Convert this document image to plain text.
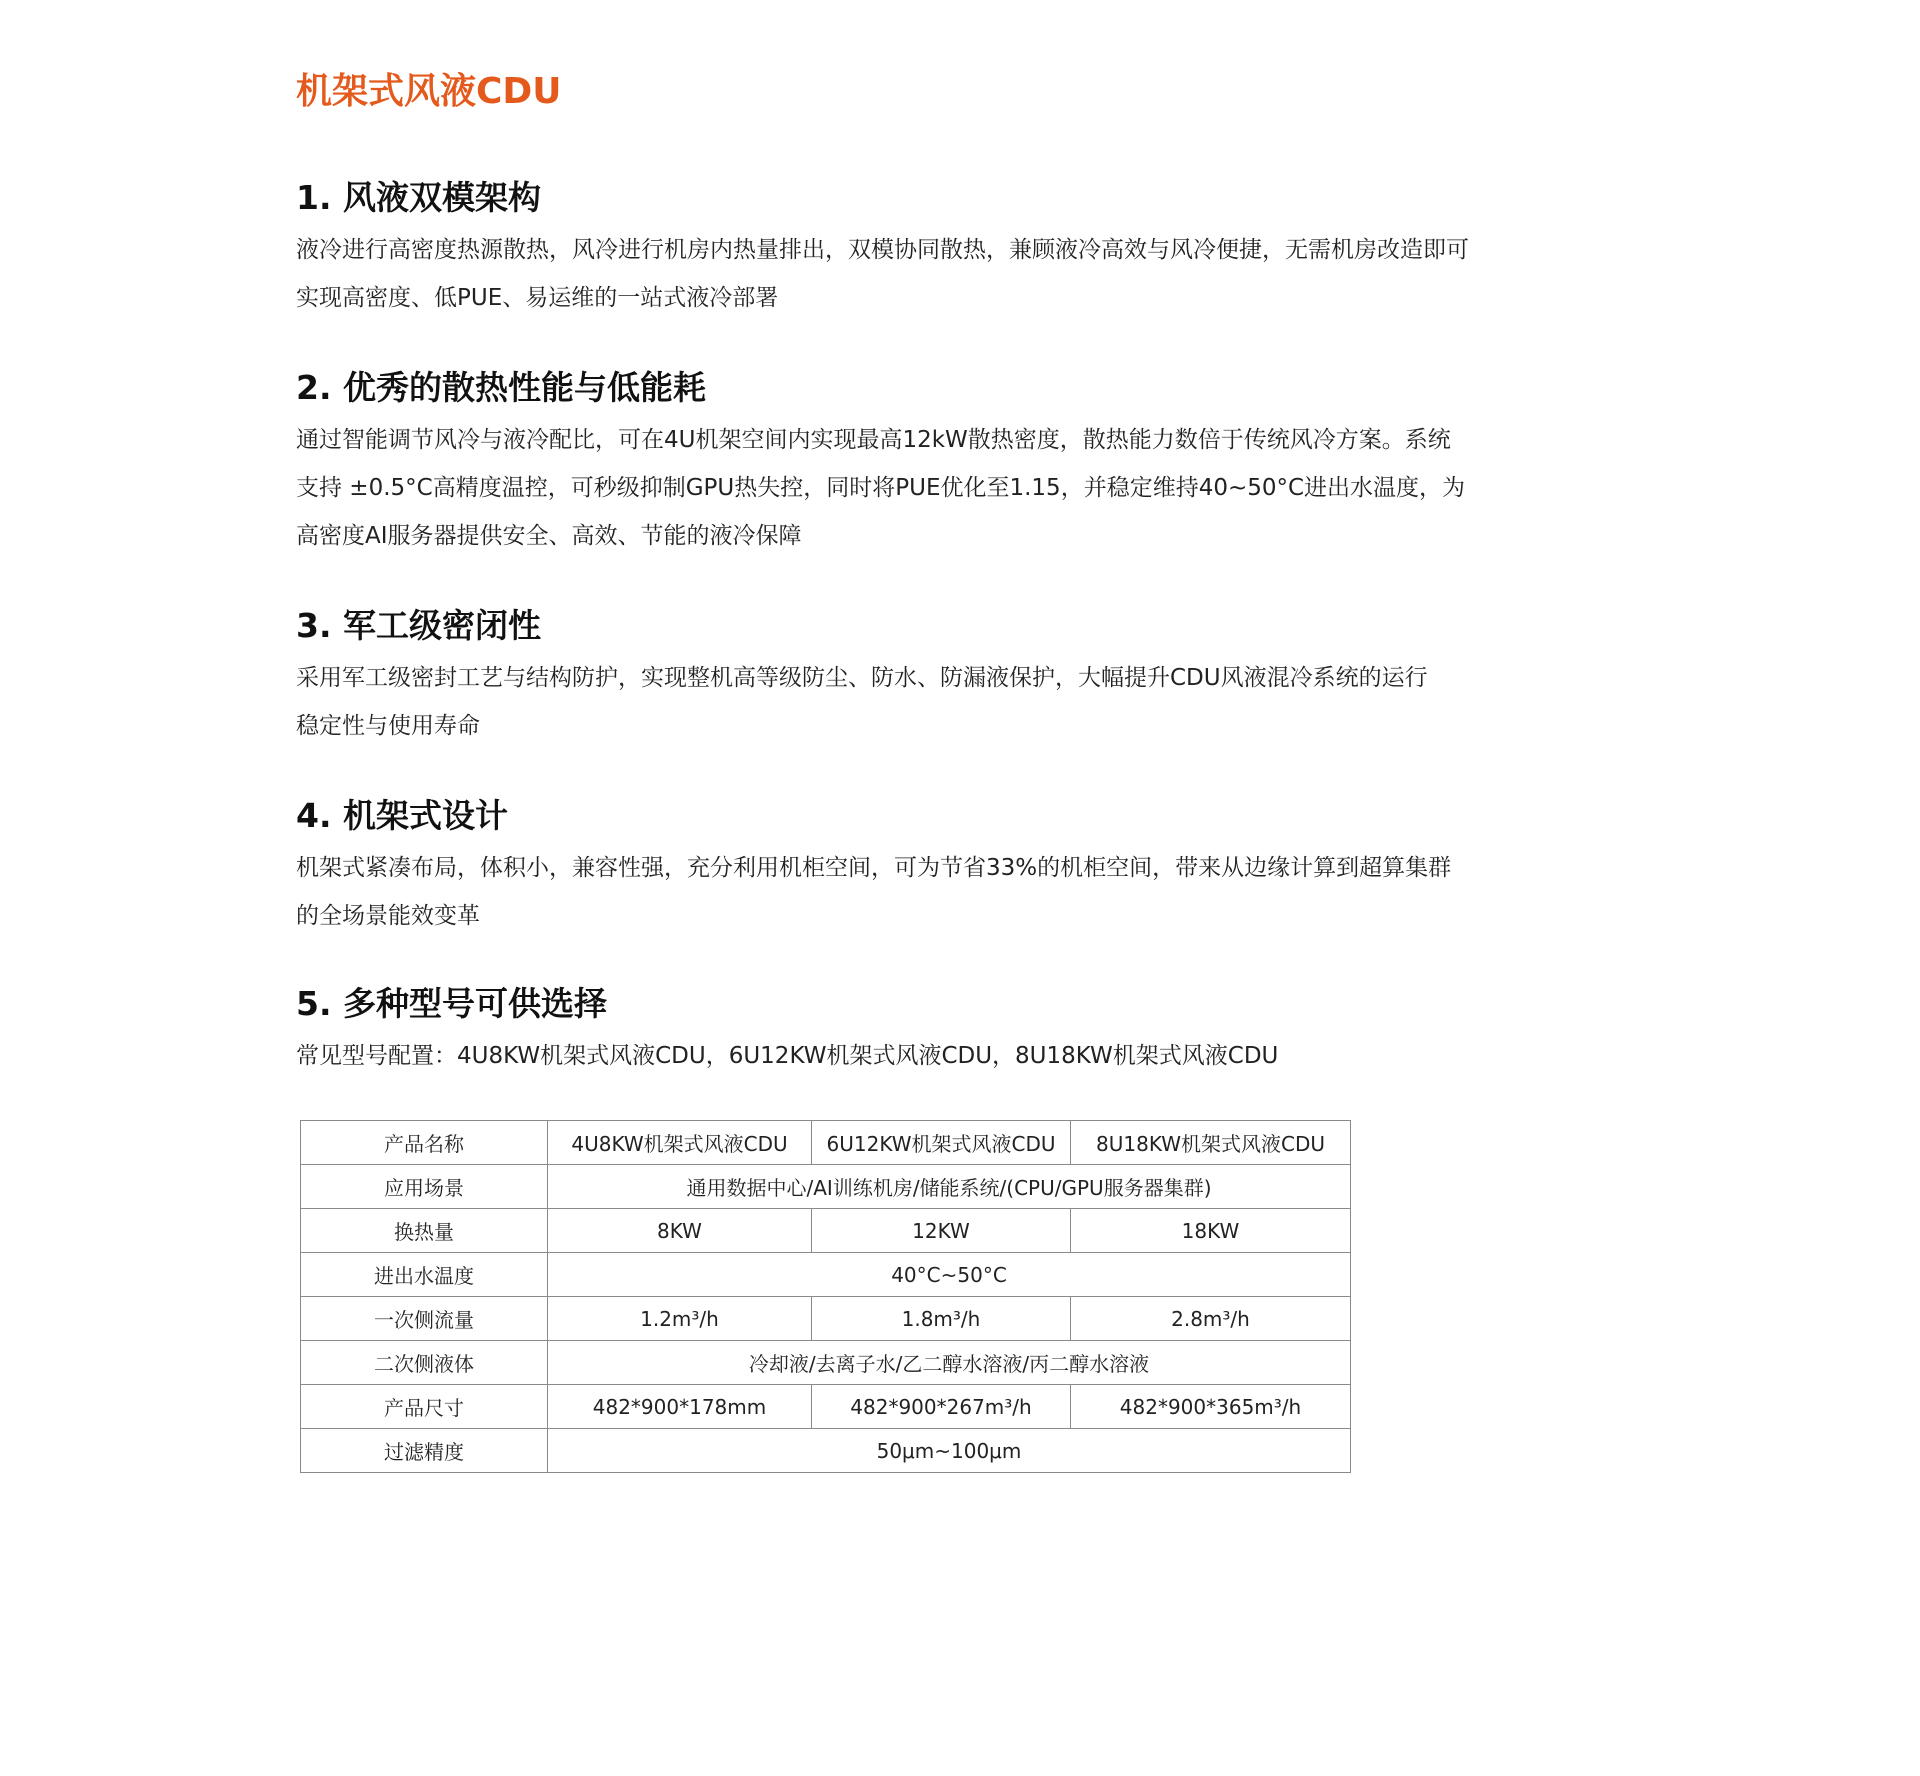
机架式风液CDU
1. 风液双模架构
液冷进行高密度热源散热，风冷进行机房内热量排出，双模协同散热，兼顾液冷高效与风冷便捷，无需机房改造即可
实现高密度、低PUE、易运维的一站式液冷部署
2. 优秀的散热性能与低能耗
通过智能调节风冷与液冷配比，可在4U机架空间内实现最高12kW散热密度，散热能力数倍于传统风冷方案。系统
支持 ±0.5°C高精度温控，可秒级抑制GPU热失控，同时将PUE优化至1.15，并稳定维持40~50°C进出水温度，为
高密度AI服务器提供安全、高效、节能的液冷保障
3. 军工级密闭性
采用军工级密封工艺与结构防护，实现整机高等级防尘、防水、防漏液保护，大幅提升CDU风液混冷系统的运行
稳定性与使用寿命
4. 机架式设计
机架式紧凑布局，体积小，兼容性强，充分利用机柜空间，可为节省33%的机柜空间，带来从边缘计算到超算集群
的全场景能效变革
5. 多种型号可供选择
常见型号配置：4U8KW机架式风液CDU，6U12KW机架式风液CDU，8U18KW机架式风液CDU
产品名称	4U8KW机架式风液CDU	6U12KW机架式风液CDU	8U18KW机架式风液CDU
应用场景	通用数据中心/AI训练机房/储能系统/(CPU/GPU服务器集群)		
换热量	8KW	12KW	18KW
进出水温度	40°C~50°C		
一次侧流量	1.2m³/h	1.8m³/h	2.8m³/h
二次侧液体	冷却液/去离子水/乙二醇水溶液/丙二醇水溶液		
产品尺寸	482*900*178mm	482*900*267m³/h	482*900*365m³/h
过滤精度	50μm~100μm		
